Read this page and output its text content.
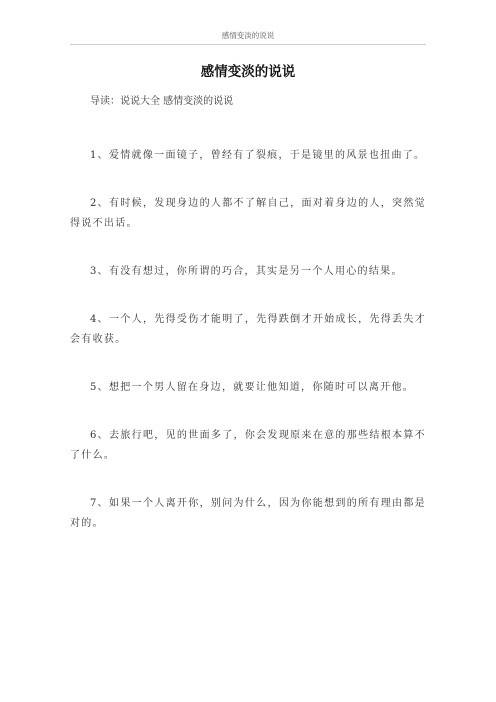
感情变淡的说说
感情变淡的说说

导读：说说大全 感情变淡的说说

1、爱情就像一面镜子，曾经有了裂痕，于是镜里的风景也扭曲了。

2、有时候，发现身边的人都不了解自己，面对着身边的人，突然觉得说不出话。

3、有没有想过，你所谓的巧合，其实是另一个人用心的结果。

4、一个人，先得受伤才能明了，先得跌倒才开始成长，先得丢失才会有收获。

5、想把一个男人留在身边，就要让他知道，你随时可以离开他。

6、去旅行吧，见的世面多了，你会发现原来在意的那些结根本算不了什么。

7、如果一个人离开你，别问为什么，因为你能想到的所有理由都是对的。
